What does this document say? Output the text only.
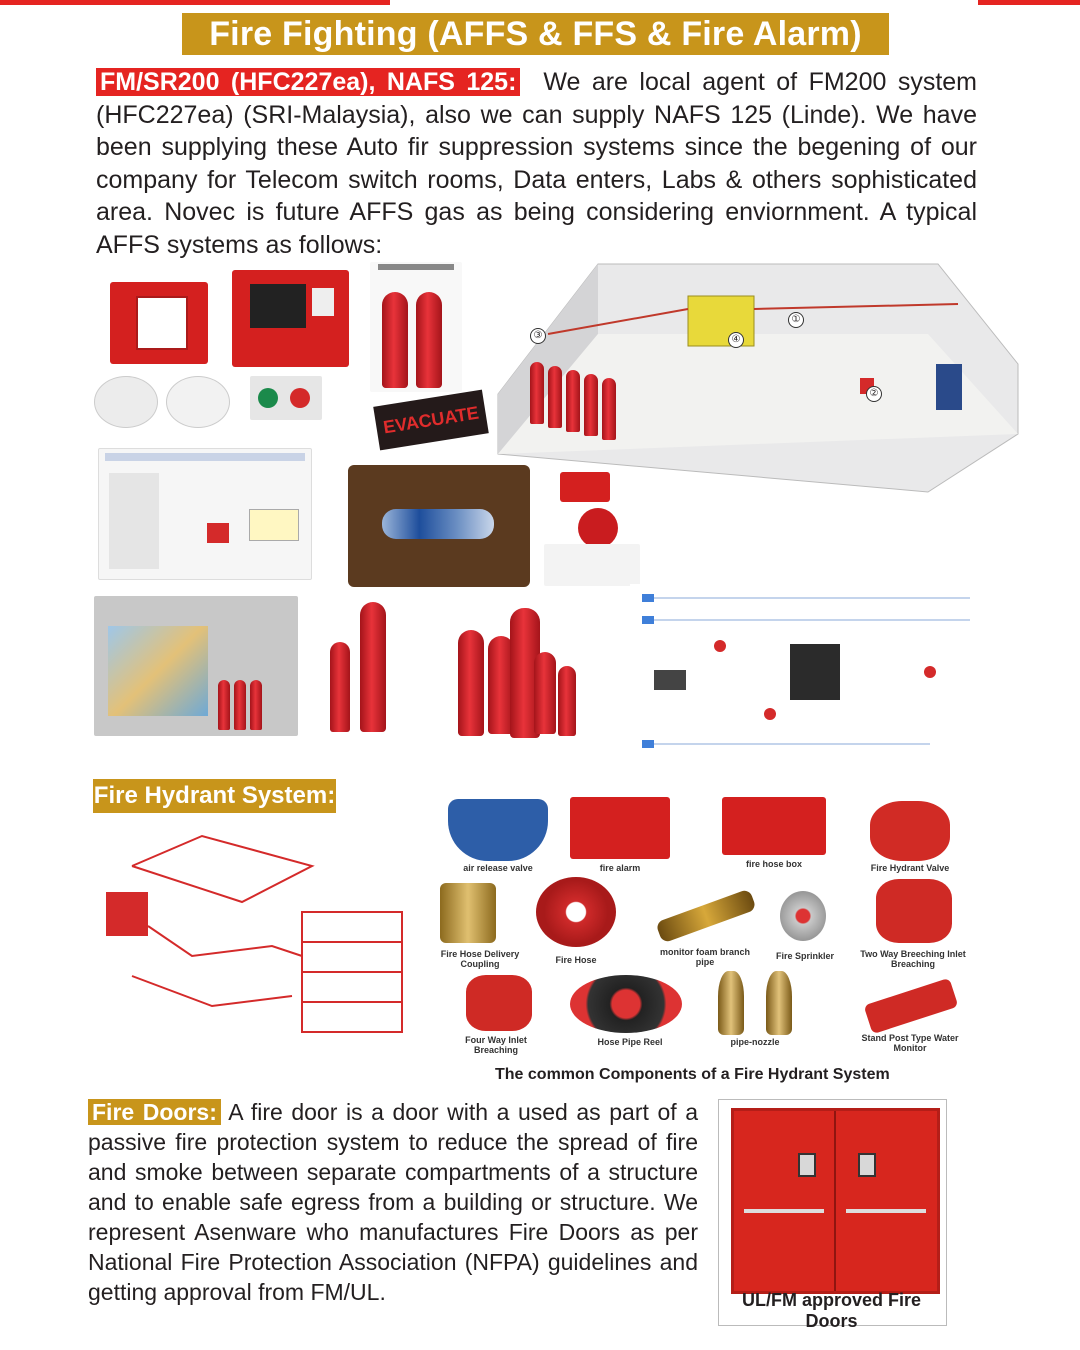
Fire Fighting (AFFS & FFS & Fire Alarm)
FM/SR200 (HFC227ea), NAFS 125: We are local agent of FM200 system (HFC227ea) (SRI-Malaysia), also we can supply NAFS 125 (Linde). We have been supplying these Auto fir suppression systems since the begening of our company for Telecom switch rooms, Data enters, Labs & others sophisticated area. Novec is future AFFS gas as being considering enviornment. A typical AFFS systems as follows:
EVACUATE
①
②
③	④
Fire Hydrant System:
air release valve	fire alarm	fire hose box	Fire Hydrant Valve
Fire Hose Delivery Coupling	Fire Hose
monitor foam branch pipe
Fire Sprinkler	Two Way Breeching Inlet Breaching
Four Way Inlet Breaching
Hose Pipe Reel	pipe-nozzle	Stand Post Type Water Monitor
The common Components of a Fire Hydrant System
Fire Doors: A fire door is a door with a used as part of a passive fire protection system to reduce the spread of fire and smoke between separate compartments of a structure and to enable safe egress from a building or structure. We represent Asenware who manufactures Fire Doors as per National Fire Protection Association (NFPA) guidelines and getting approval from FM/UL.	UL/FM approved Fire Doors
